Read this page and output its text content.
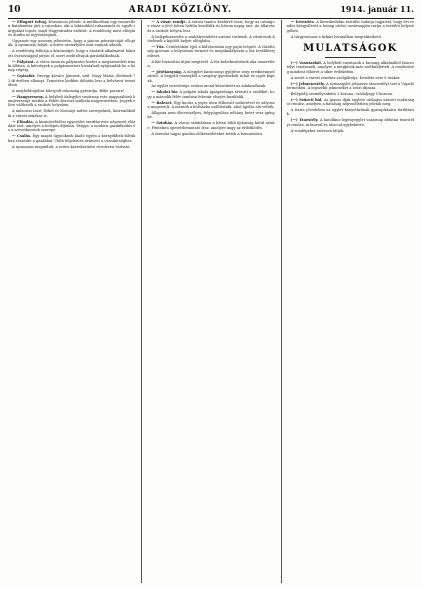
10	ARADI KÖZLÖNY.	1914. január 11.

— Elfogott tolvaj. Kvasznicai jelenti: A múltkoriban egy ismeretlen fiatalember járt a városban, aki a lakásokból ruhaneműt és egyéb tárgyakat lopott, majd Nagyváradra szökött. A rendőrség most elfogta és átadta az ügyészségnek.

Ugyanott egy asszony jelentette, hogy a piacon pénztárcáját ellopták. A nyomozás folyik, a tettes személyére már vannak adatok.

A rendőrség felhívja a közönséget, hogy a vásárok alkalmával fokozott óvatossággal járjon el, mert zsebtolvajok garázdálkodnak.

— Pályázat. A város tanácsa pályázatot hirdet a megüresedett írnoki állásra. A kérvények a polgármesteri hivatalnál nyújtandók be a hónap végéig.

— Gyászhír. Özvegy Kovács Jánosné, szül. Nagy Mária, életének 72-ik évében elhunyt. Temetése kedden délután lesz a belvárosi temetőben.

A megboldogultat kiterjedt rokonság gyászolja. Béke poraira!

— Hangverseny. A helybeli dalegylet vasárnap este nagyszabású hangversenyt rendez a Fehér Kereszt szálloda nagytermében. Jegyek előre válthatók a szokott helyeken.

A műsoron Liszt, Erkel és Mosonyi művei szerepelnek, közreműködik a városi zenekar is.

— Előadás. A közművelődési egyesület szerdán este népszerű előadást tart, amelyre a belépés díjtalan. Tárgya: a modern gazdálkodás és a szövetkezetek szerepe.

— Csalás. Egy magát ügynöknek kiadó egyén a környékbeli falvakban rászedte a gazdákat. Több feljelentés érkezett a csendőrséghez.

A nyomozás megindult, a tettes kézrekerítése rövidesen várható.

— A vásár rendje. A városi tanács közhírré teszi, hogy az országos vásár a jövő héten hétfőn kezdődik és három napig tart. Az állatvásár a szokott helyen lesz.

A helypénzszedés a szabályrendelet szerint történik. A vásárosok kötelesek a kijelölt helyet elfoglalni.

— Tűz. Csütörtökön éjjel a külvárosban egy pajta leégett. A tűzoltóság gyorsan a helyszínen termett és megakadályozta a tűz továbbterjedését.

A kár biztosítás útján megtérül. A tűz keletkezésének oka ismeretlen.

— Jótékonyság. A nőegylet karácsonyi gyűjtése szép eredménnyel zárult. A begyűlt összegből a szegény gyermekek ruhát és cipőt kaptak.

Az egylet vezetősége ezúton mond köszönetet az adakozóknak.

— Iskolai hír. A polgári iskola igazgatósága értesíti a szülőket, hogy a második félév tanítása február elsején kezdődik.

— Baleset. Egy kocsis a jeges úton felborult szekerével és súlyosan megsérült. A mentők a kórházba szállították, ahol ápolás alá vették.

Állapota nem életveszélyes, felgyógyulása néhány hetet vesz igénybe.

— Színház. A városi színházban a héten több újdonság kerül színre. Pénteken operettbemutató lesz, amelyre nagy az érdeklődés.

A társulat tagjai gondos előkészületeket tettek a bemutatóra.

— Értesítés. A kereskedelmi testület tudatja tagjaival, hogy évi rendes közgyűlését a hónap utolsó vasárnapján tartja a testület helyiségében.

A tárgysorozat a titkári hivatalban megtekinthető.

MULATSÁGOK

(—) Vasutasbál. A helybeli vasutasok a farsang alkalmából táncestélyt rendeznek, amelyre a meghívók már szétküldettek. A rendezőség mindent elkövet a siker érdekében.

A zenét a városi zenekar szolgáltatja. Kezdete este 8 órakor.

(—) Jelmezestély. A tornaegylet jelmezes táncestélyt tart a Vigadó termeiben. A legszebb jelmezeket a zsűri díjazza.

Belépődíj személyenként 2 korona, családjegy 5 korona.

(—) Szüreti bál. Az iparos ifjak egylete utólagos szüreti mulatságot rendez, amelyen a fiatalság népviseletben jelenik meg.

A tiszta jövedelem az egylet könyvtárának gyarapítására fordíttatik.

(—) Teaestély. A katolikus legényegylet vasárnap délután teaestélyt rendez, műsorral és tánccal egybekötve.

A vendégeket szívesen látják.
